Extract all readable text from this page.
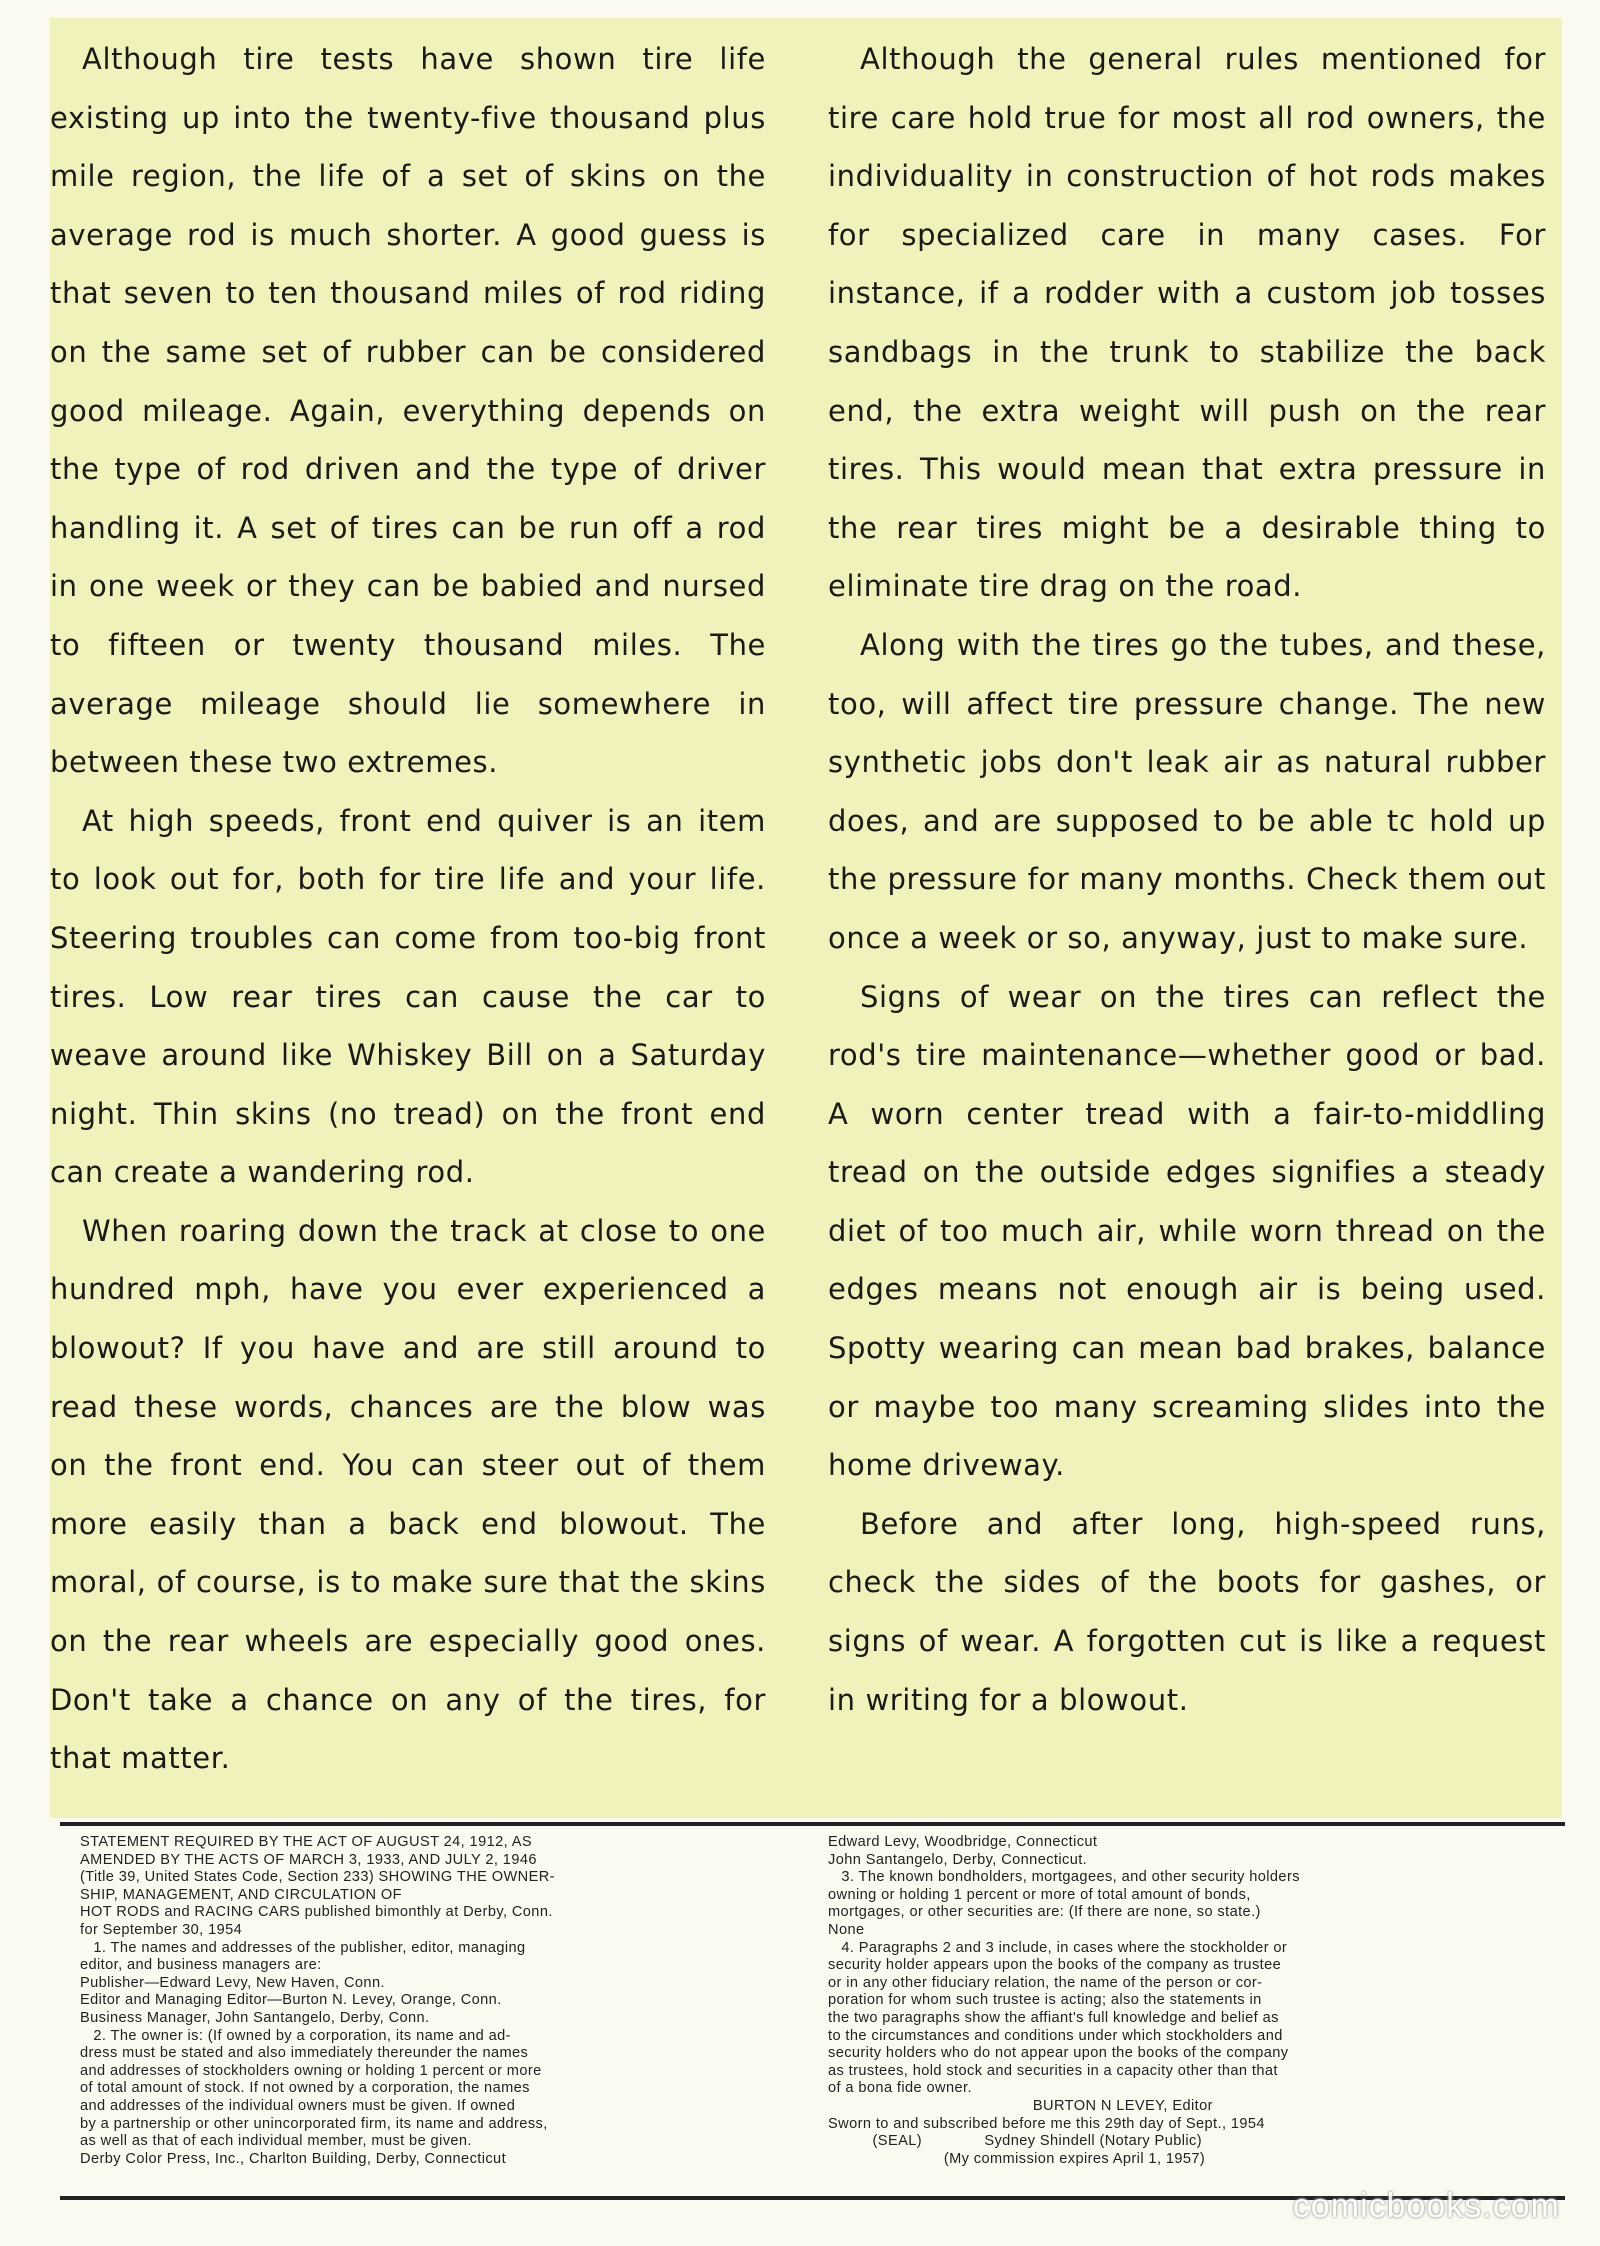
Although tire tests have shown tire life existing up into the twenty-five thousand plus mile region, the life of a set of skins on the average rod is much shorter. A good guess is that seven to ten thousand miles of rod riding on the same set of rubber can be considered good mileage. Again, everything depends on the type of rod driven and the type of driver handling it. A set of tires can be run off a rod in one week or they can be babied and nursed to fifteen or twenty thousand miles. The average mileage should lie somewhere in between these two extremes.

At high speeds, front end quiver is an item to look out for, both for tire life and your life. Steering troubles can come from too-big front tires. Low rear tires can cause the car to weave around like Whiskey Bill on a Saturday night. Thin skins (no tread) on the front end can create a wandering rod.

When roaring down the track at close to one hundred mph, have you ever experienced a blowout? If you have and are still around to read these words, chances are the blow was on the front end. You can steer out of them more easily than a back end blowout. The moral, of course, is to make sure that the skins on the rear wheels are especially good ones. Don't take a chance on any of the tires, for that matter.

Although the general rules mentioned for tire care hold true for most all rod owners, the individuality in construction of hot rods makes for specialized care in many cases. For instance, if a rodder with a custom job tosses sandbags in the trunk to stabilize the back end, the extra weight will push on the rear tires. This would mean that extra pressure in the rear tires might be a desirable thing to eliminate tire drag on the road.

Along with the tires go the tubes, and these, too, will affect tire pressure change. The new synthetic jobs don't leak air as natural rubber does, and are supposed to be able tc hold up the pressure for many months. Check them out once a week or so, anyway, just to make sure.

Signs of wear on the tires can reflect the rod's tire maintenance—whether good or bad. A worn center tread with a fair-to-middling tread on the outside edges signifies a steady diet of too much air, while worn thread on the edges means not enough air is being used. Spotty wearing can mean bad brakes, balance or maybe too many screaming slides into the home driveway.

Before and after long, high-speed runs, check the sides of the boots for gashes, or signs of wear. A forgotten cut is like a request in writing for a blowout.

STATEMENT REQUIRED BY THE ACT OF AUGUST 24, 1912, AS
AMENDED BY THE ACTS OF MARCH 3, 1933, AND JULY 2, 1946
(Title 39, United States Code, Section 233) SHOWING THE OWNER-
SHIP, MANAGEMENT, AND CIRCULATION OF
HOT RODS and RACING CARS published bimonthly at Derby, Conn.
for September 30, 1954
1. The names and addresses of the publisher, editor, managing
editor, and business managers are:
Publisher—Edward Levy, New Haven, Conn.
Editor and Managing Editor—Burton N. Levey, Orange, Conn.
Business Manager, John Santangelo, Derby, Conn.
2. The owner is: (If owned by a corporation, its name and ad-
dress must be stated and also immediately thereunder the names
and addresses of stockholders owning or holding 1 percent or more
of total amount of stock. If not owned by a corporation, the names
and addresses of the individual owners must be given. If owned
by a partnership or other unincorporated firm, its name and address,
as well as that of each individual member, must be given.
Derby Color Press, Inc., Charlton Building, Derby, Connecticut
Edward Levy, Woodbridge, Connecticut
John Santangelo, Derby, Connecticut.
3. The known bondholders, mortgagees, and other security holders
owning or holding 1 percent or more of total amount of bonds,
mortgages, or other securities are: (If there are none, so state.)
None
4. Paragraphs 2 and 3 include, in cases where the stockholder or
security holder appears upon the books of the company as trustee
or in any other fiduciary relation, the name of the person or cor-
poration for whom such trustee is acting; also the statements in
the two paragraphs show the affiant's full knowledge and belief as
to the circumstances and conditions under which stockholders and
security holders who do not appear upon the books of the company
as trustees, hold stock and securities in a capacity other than that
of a bona fide owner.
BURTON N LEVEY, Editor
Sworn to and subscribed before me this 29th day of Sept., 1954
(SEAL)              Sydney Shindell (Notary Public)
(My commission expires April 1, 1957)
comicbooks.com
